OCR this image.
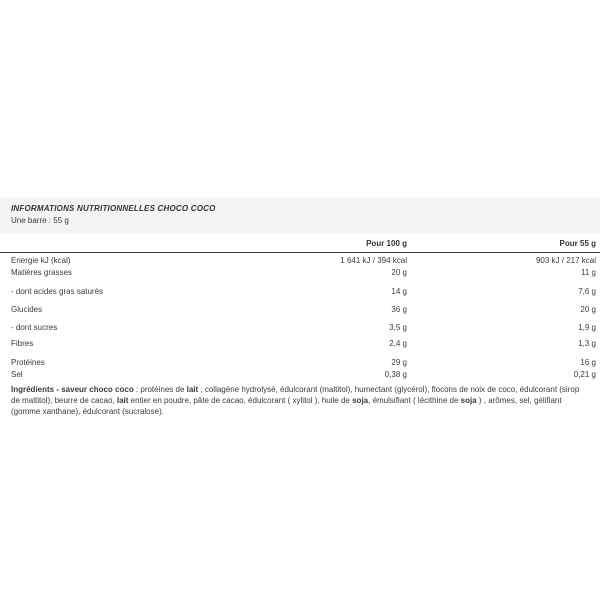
INFORMATIONS NUTRITIONNELLES CHOCO COCO
Une barre : 55 g
	Pour 100 g	Pour 55 g
Energie kJ (kcal)	1 641 kJ / 394 kcal	903 kJ / 217 kcal
Matières grasses	20 g	11 g
- dont acides gras saturés	14 g	7,6 g
Glucides	36 g	20 g
- dont sucres	3,5 g	1,9 g
Fibres	2,4 g	1,3 g
Protéines	29 g	16 g
Sel	0,38 g	0,21 g

Ingrédients - saveur choco coco : protéines de lait , collagène hydrolysé, édulcorant (maltitol), humectant (glycérol), flocons de noix de coco, édulcorant (sirop de maltitol), beurre de cacao, lait entier en poudre, pâte de cacao, édulcorant ( xylitol ), huile de soja, émulsifiant ( lécithine de soja ) , arômes, sel, gélifiant (gomme xanthane), édulcorant (sucralose).
